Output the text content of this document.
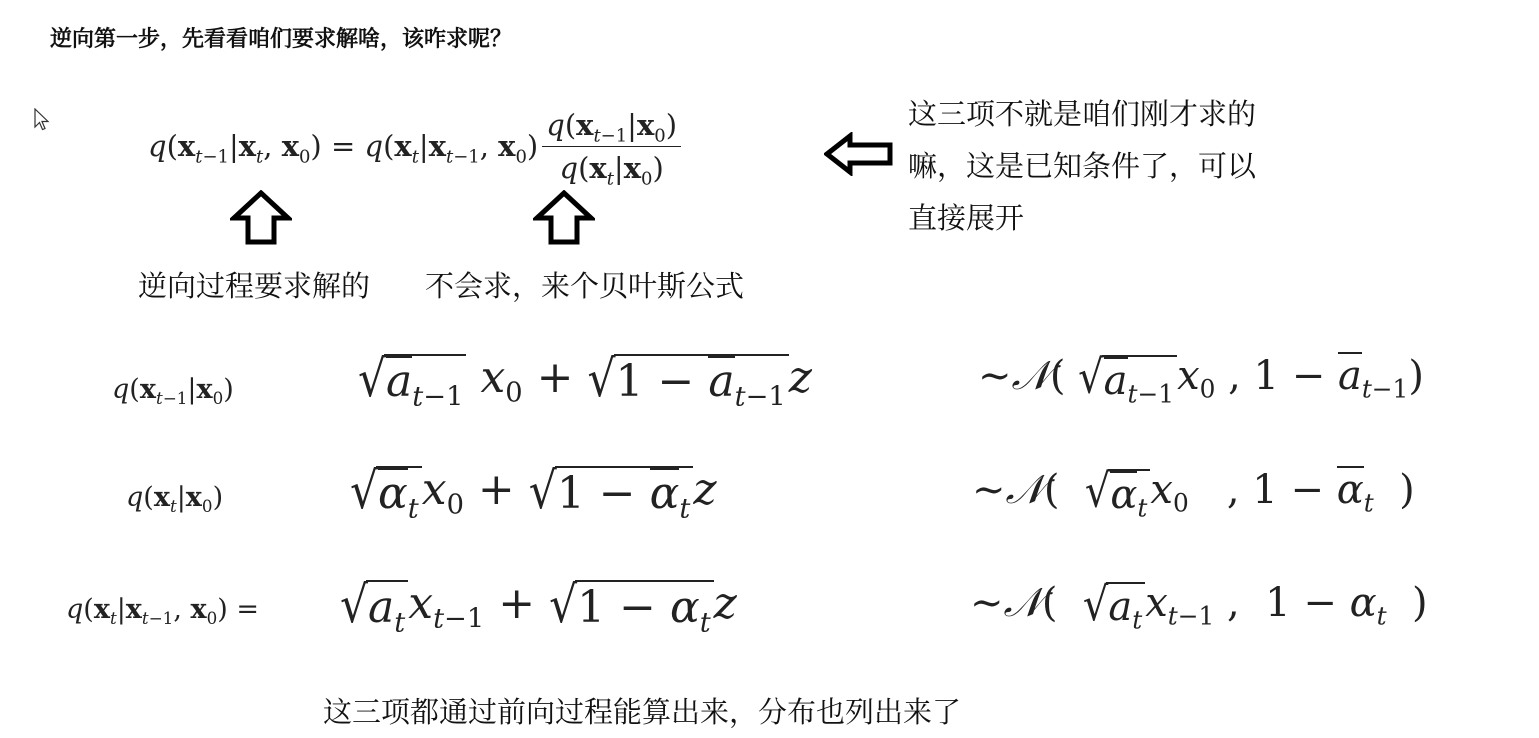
逆向第一步，先看看咱们要求解啥，该咋求呢？
$q(x_{t-1}|x_t$, $x_0) = q(x_t|x_{t-1}$, $x_0) \frac{q(x_{t-1}|x_0)}{q(x_t|x_0)}$	这三项不就是咱们刚才求的
嘛，这是已知条件了，可以
直接展开
逆向过程要求解的 不会求，来个贝叶斯公式
$q(x_{t-1}|x_0)$	√ $a_{t-1}$ $x_0$ + √ $1 - a_{t-1}$ z	∼𝒩( √ $a_{t-1}$ $x_0$ , $1 - a_{t-1}$)
$q(x_t|x_0)$	√ $\alpha_t$ $x_0$ + √ $1 - \alpha_t$ z	∼𝒩( √ $\alpha_t$ $x_0$   , $1 - \alpha_t$  )
$q(x_t|x_{t-1}$, $x_0$) = √ $a_t$ $x_{t-1}$ + √ $1 - \alpha_t$ z	∼𝒩( √ $a_t$ $x_{t-1}$ ,  $1 - \alpha_t$  )
这三项都通过前向过程能算出来，分布也列出来了
